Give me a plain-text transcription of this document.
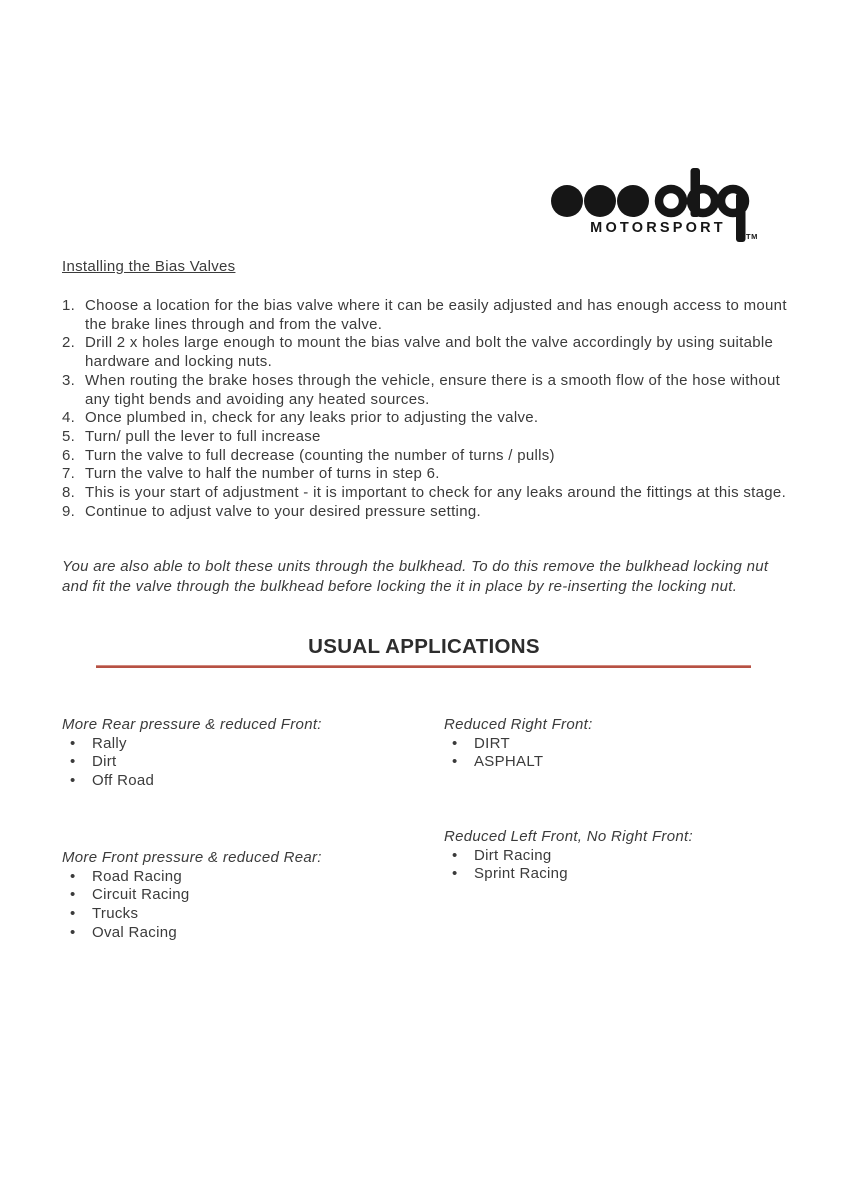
MOTORSPORT
TM
Installing the Bias Valves
Choose a location for the bias valve where it can be easily adjusted and has enough access to mount the brake lines through and from the valve.
Drill 2 x holes large enough to mount the bias valve and bolt the valve accordingly by using suitable hardware and locking nuts.
When routing the brake hoses through the vehicle, ensure there is a smooth flow of the hose without any tight bends and avoiding any heated sources.
Once plumbed in, check for any leaks prior to adjusting the valve.
Turn/ pull the lever to full increase
Turn the valve to full decrease (counting the number of turns / pulls)
Turn the valve to half the number of turns in step 6.
This is your start of adjustment - it is important to check for any leaks around the fittings at this stage.
Continue to adjust valve to your desired pressure setting.

You are also able to bolt these units through the bulkhead. To do this remove the bulkhead locking nut and fit the valve through the bulkhead before locking the it in place by re-inserting the locking nut.

USUAL APPLICATIONS
More Rear pressure & reduced Front:
• Rally
• Dirt
• Off Road
Reduced Right Front:
• DIRT
• ASPHALT
More Front pressure & reduced Rear:
• Road Racing
• Circuit Racing
• Trucks
• Oval Racing
Reduced Left Front, No Right Front:
• Dirt Racing
• Sprint Racing
